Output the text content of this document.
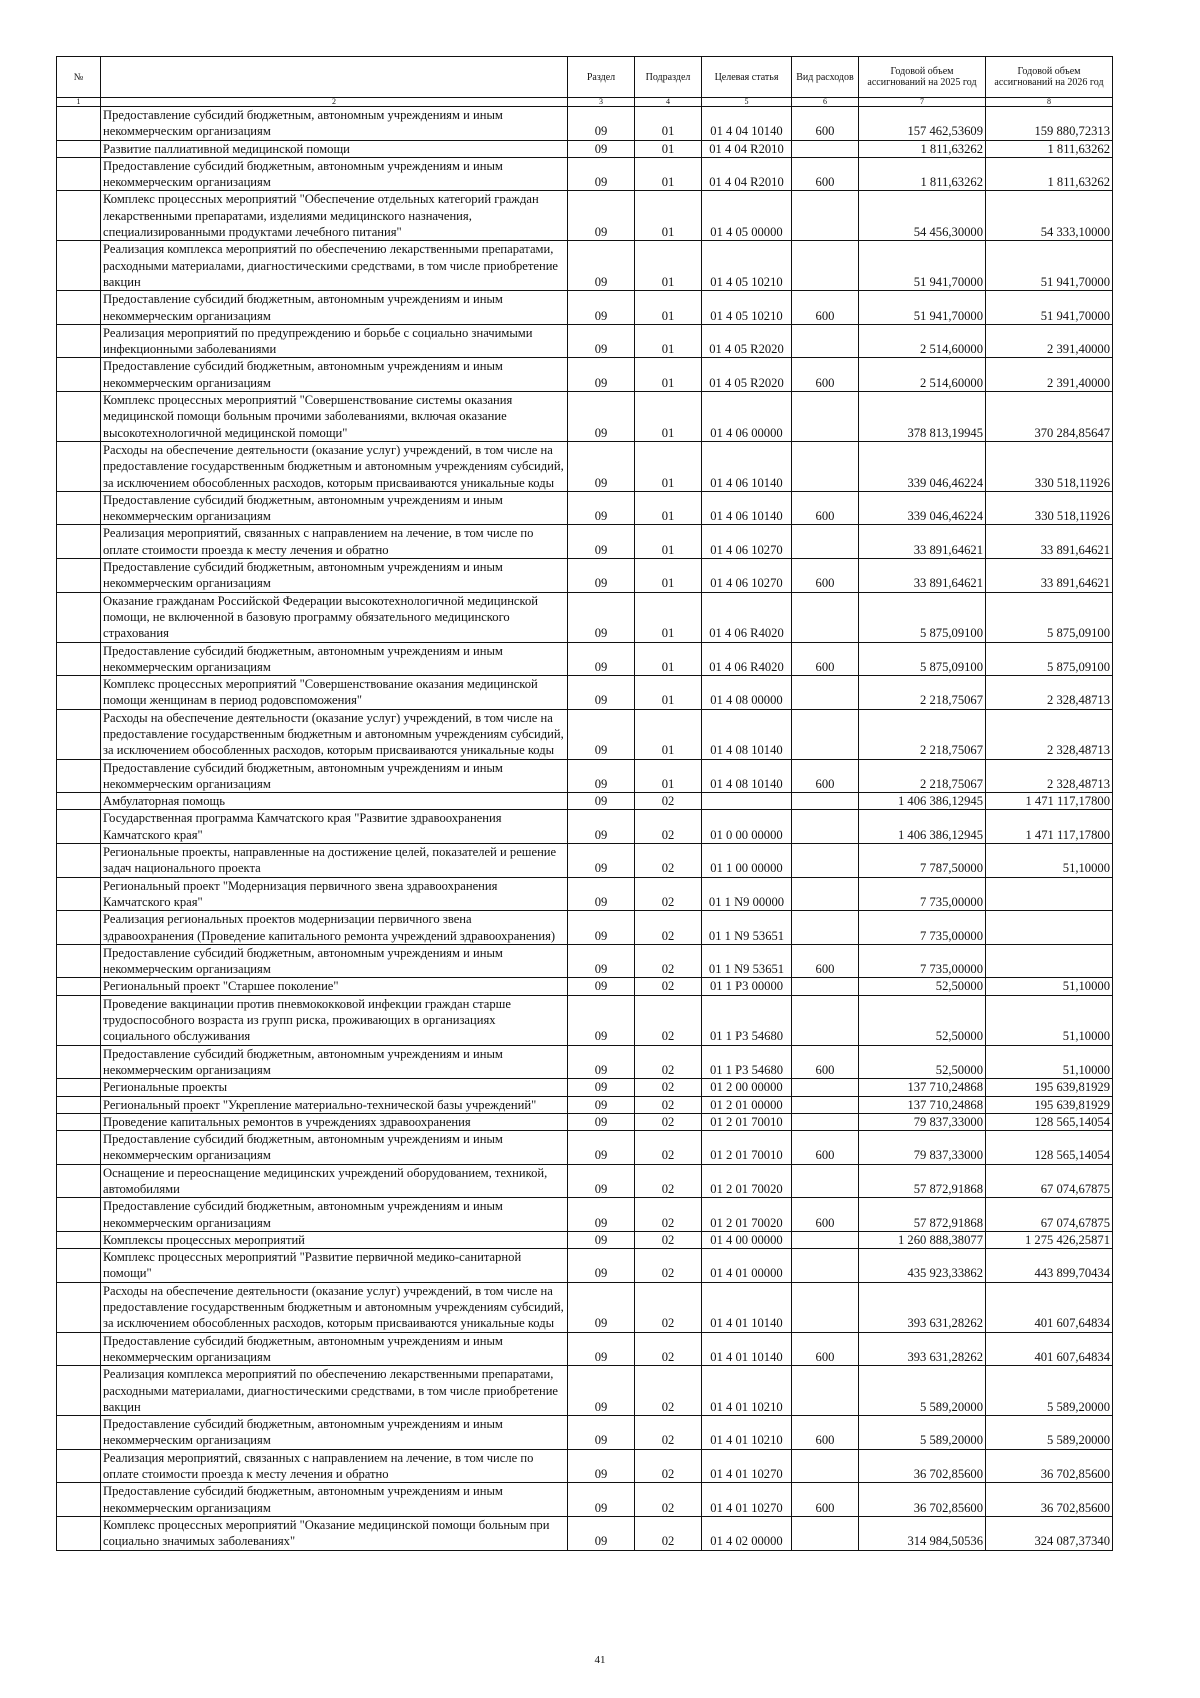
№		Раздел	Подраздел	Целевая статья	Вид расходов	Годовой объем ассигнований на 2025 год	Годовой объем ассигнований на 2026 год
1	2	3	4	5	6	7	8
	Предоставление субсидий бюджетным, автономным учреждениям и иным некоммерческим организациям	09	01	01 4 04 10140	600	157 462,53609	159 880,72313
	Развитие паллиативной медицинской помощи	09	01	01 4 04 R2010		1 811,63262	1 811,63262
	Предоставление субсидий бюджетным, автономным учреждениям и иным некоммерческим организациям	09	01	01 4 04 R2010	600	1 811,63262	1 811,63262
	Комплекс процессных мероприятий "Обеспечение отдельных категорий граждан лекарственными препаратами, изделиями медицинского назначения, специализированными продуктами лечебного питания"	09	01	01 4 05 00000		54 456,30000	54 333,10000
	Реализация комплекса мероприятий по обеспечению лекарственными препаратами, расходными материалами, диагностическими средствами, в том числе приобретение вакцин	09	01	01 4 05 10210		51 941,70000	51 941,70000
	Предоставление субсидий бюджетным, автономным учреждениям и иным некоммерческим организациям	09	01	01 4 05 10210	600	51 941,70000	51 941,70000
	Реализация мероприятий по предупреждению и борьбе с социально значимыми инфекционными заболеваниями	09	01	01 4 05 R2020		2 514,60000	2 391,40000
	Предоставление субсидий бюджетным, автономным учреждениям и иным некоммерческим организациям	09	01	01 4 05 R2020	600	2 514,60000	2 391,40000
	Комплекс процессных мероприятий "Совершенствование системы оказания медицинской помощи больным прочими заболеваниями, включая оказание высокотехнологичной медицинской помощи"	09	01	01 4 06 00000		378 813,19945	370 284,85647
	Расходы на обеспечение деятельности (оказание услуг) учреждений, в том числе на предоставление государственным бюджетным и автономным учреждениям субсидий, за исключением обособленных расходов, которым присваиваются уникальные коды	09	01	01 4 06 10140		339 046,46224	330 518,11926
	Предоставление субсидий бюджетным, автономным учреждениям и иным некоммерческим организациям	09	01	01 4 06 10140	600	339 046,46224	330 518,11926
	Реализация мероприятий, связанных с направлением на лечение, в том числе по оплате стоимости проезда к месту лечения и обратно	09	01	01 4 06 10270		33 891,64621	33 891,64621
	Предоставление субсидий бюджетным, автономным учреждениям и иным некоммерческим организациям	09	01	01 4 06 10270	600	33 891,64621	33 891,64621
	Оказание гражданам Российской Федерации высокотехнологичной медицинской помощи, не включенной в базовую программу обязательного медицинского страхования	09	01	01 4 06 R4020		5 875,09100	5 875,09100
	Предоставление субсидий бюджетным, автономным учреждениям и иным некоммерческим организациям	09	01	01 4 06 R4020	600	5 875,09100	5 875,09100
	Комплекс процессных мероприятий "Совершенствование оказания медицинской помощи женщинам в период родовспоможения"	09	01	01 4 08 00000		2 218,75067	2 328,48713
	Расходы на обеспечение деятельности (оказание услуг) учреждений, в том числе на предоставление государственным бюджетным и автономным учреждениям субсидий, за исключением обособленных расходов, которым присваиваются уникальные коды	09	01	01 4 08 10140		2 218,75067	2 328,48713
	Предоставление субсидий бюджетным, автономным учреждениям и иным некоммерческим организациям	09	01	01 4 08 10140	600	2 218,75067	2 328,48713
	Амбулаторная помощь	09	02			1 406 386,12945	1 471 117,17800
	Государственная программа Камчатского края "Развитие здравоохранения Камчатского края"	09	02	01 0 00 00000		1 406 386,12945	1 471 117,17800
	Региональные проекты, направленные на достижение целей, показателей и решение задач национального проекта	09	02	01 1 00 00000		7 787,50000	51,10000
	Региональный проект "Модернизация первичного звена здравоохранения Камчатского края"	09	02	01 1 N9 00000		7 735,00000	
	Реализация региональных проектов модернизации первичного звена здравоохранения (Проведение капитального ремонта учреждений здравоохранения)	09	02	01 1 N9 53651		7 735,00000	
	Предоставление субсидий бюджетным, автономным учреждениям и иным некоммерческим организациям	09	02	01 1 N9 53651	600	7 735,00000	
	Региональный проект "Старшее поколение"	09	02	01 1 P3 00000		52,50000	51,10000
	Проведение вакцинации против пневмококковой инфекции граждан старше трудоспособного возраста из групп риска, проживающих в организациях социального обслуживания	09	02	01 1 P3 54680		52,50000	51,10000
	Предоставление субсидий бюджетным, автономным учреждениям и иным некоммерческим организациям	09	02	01 1 P3 54680	600	52,50000	51,10000
	Региональные проекты	09	02	01 2 00 00000		137 710,24868	195 639,81929
	Региональный проект "Укрепление материально-технической базы учреждений"	09	02	01 2 01 00000		137 710,24868	195 639,81929
	Проведение капитальных ремонтов в учреждениях здравоохранения	09	02	01 2 01 70010		79 837,33000	128 565,14054
	Предоставление субсидий бюджетным, автономным учреждениям и иным некоммерческим организациям	09	02	01 2 01 70010	600	79 837,33000	128 565,14054
	Оснащение и переоснащение медицинских учреждений оборудованием, техникой, автомобилями	09	02	01 2 01 70020		57 872,91868	67 074,67875
	Предоставление субсидий бюджетным, автономным учреждениям и иным некоммерческим организациям	09	02	01 2 01 70020	600	57 872,91868	67 074,67875
	Комплексы процессных мероприятий	09	02	01 4 00 00000		1 260 888,38077	1 275 426,25871
	Комплекс процессных мероприятий "Развитие первичной медико-санитарной помощи"	09	02	01 4 01 00000		435 923,33862	443 899,70434
	Расходы на обеспечение деятельности (оказание услуг) учреждений, в том числе на предоставление государственным бюджетным и автономным учреждениям субсидий, за исключением обособленных расходов, которым присваиваются уникальные коды	09	02	01 4 01 10140		393 631,28262	401 607,64834
	Предоставление субсидий бюджетным, автономным учреждениям и иным некоммерческим организациям	09	02	01 4 01 10140	600	393 631,28262	401 607,64834
	Реализация комплекса мероприятий по обеспечению лекарственными препаратами, расходными материалами, диагностическими средствами, в том числе приобретение вакцин	09	02	01 4 01 10210		5 589,20000	5 589,20000
	Предоставление субсидий бюджетным, автономным учреждениям и иным некоммерческим организациям	09	02	01 4 01 10210	600	5 589,20000	5 589,20000
	Реализация мероприятий, связанных с направлением на лечение, в том числе по оплате стоимости проезда к месту лечения и обратно	09	02	01 4 01 10270		36 702,85600	36 702,85600
	Предоставление субсидий бюджетным, автономным учреждениям и иным некоммерческим организациям	09	02	01 4 01 10270	600	36 702,85600	36 702,85600
	Комплекс процессных мероприятий "Оказание медицинской помощи больным при социально значимых заболеваниях"	09	02	01 4 02 00000		314 984,50536	324 087,37340
41
